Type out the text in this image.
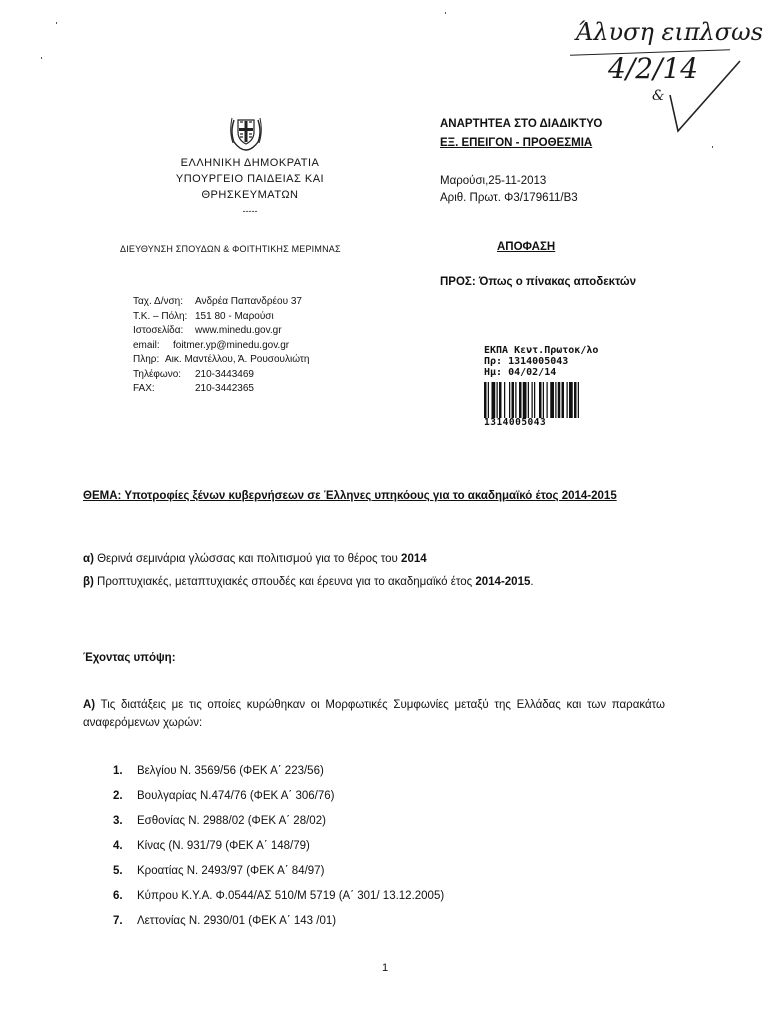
Άλυση ειπλσωs
4/2/14
&
ΕΛΛΗΝΙΚΗ ΔΗΜΟΚΡΑΤΙΑ
ΥΠΟΥΡΓΕΙΟ ΠΑΙΔΕΙΑΣ ΚΑΙ
ΘΡΗΣΚΕΥΜΑΤΩΝ
-----
ΔΙΕΥΘΥΝΣΗ ΣΠΟΥΔΩΝ & ΦΟΙΤΗΤΙΚΗΣ ΜΕΡΙΜΝΑΣ
Ταχ. Δ/νση:	Ανδρέα Παπανδρέου 37
Τ.Κ. – Πόλη: 151 80 - Μαρούσι
Ιστοσελίδα:	www.minedu.gov.gr
email:	foitmer.yp@minedu.gov.gr
Πληρ: Αικ. Μαντέλλου, Ά. Ρουσουλιώτη
Τηλέφωνο:	210-3443469
FAX:	210-3442365
ΑΝΑΡΤΗΤΕΑ ΣΤΟ ΔΙΑΔΙΚΤΥΟ
ΕΞ. ΕΠΕΙΓΟΝ - ΠΡΟΘΕΣΜΙΑ
Μαρούσι,25-11-2013
Αριθ. Πρωτ. Φ3/179611/Β3
ΑΠΟΦΑΣΗ
ΠΡΟΣ: Όπως ο πίνακας αποδεκτών
ΕΚΠΑ Κεντ.Πρωτοκ/λο
Πρ: 1314005043
Ημ: 04/02/14
1314005043
ΘΕΜΑ: Υποτροφίες ξένων κυβερνήσεων σε Έλληνες υπηκόους για το ακαδημαϊκό έτος 2014-2015
α) Θερινά σεμινάρια γλώσσας και πολιτισμού για το θέρος του 2014
β) Προπτυχιακές, μεταπτυχιακές σπουδές και έρευνα για το ακαδημαϊκό έτος 2014-2015.
Έχοντας υπόψη:
Α) Τις διατάξεις με τις οποίες κυρώθηκαν οι Μορφωτικές Συμφωνίες μεταξύ της Ελλάδας και των παρακάτω αναφερόμενων χωρών:
1. Βελγίου Ν. 3569/56 (ΦΕΚ Α΄ 223/56)
2. Βουλγαρίας Ν.474/76 (ΦΕΚ Α΄ 306/76)
3. Εσθονίας Ν. 2988/02 (ΦΕΚ Α΄ 28/02)
4. Κίνας (Ν. 931/79 (ΦΕΚ Α΄ 148/79)
5. Κροατίας Ν. 2493/97 (ΦΕΚ Α΄ 84/97)
6. Κύπρου Κ.Υ.Α. Φ.0544/ΑΣ 510/Μ 5719 (Α΄ 301/ 13.12.2005)
7. Λεττονίας Ν. 2930/01 (ΦΕΚ Α΄ 143 /01)
1
